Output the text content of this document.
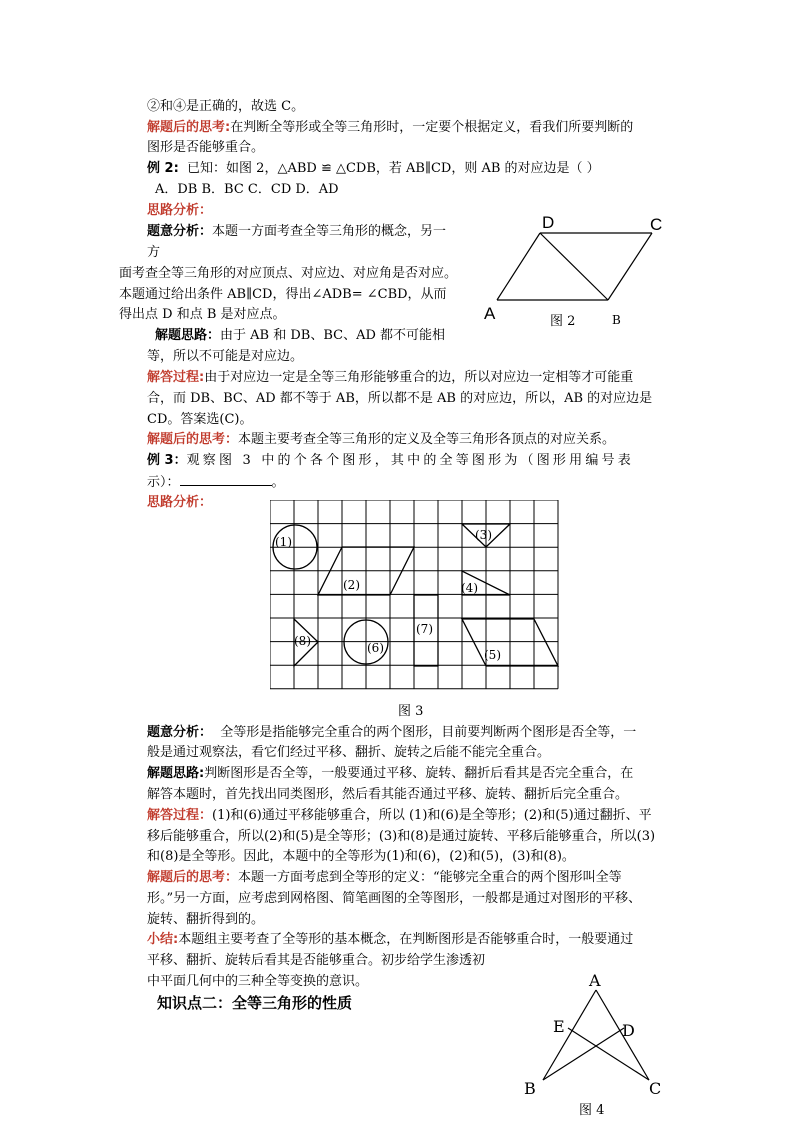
②和④是正确的，故选 C。
解题后的思考:在判断全等形或全等三角形时，一定要个根据定义，看我们所要判断的
图形是否能够重合。
例 2: 已知：如图 2，△ABD ≌ △CDB，若 AB∥CD，则 AB 的对应边是（ ）
A．DB B．BC C．CD D．AD
思路分析：
题意分析：本题一方面考查全等三角形的概念，另一
方
面考查全等三角形的对应顶点、对应边、对应角是否对应。
本题通过给出条件 AB∥CD，得出∠ADB= ∠CBD，从而
得出点 D 和点 B 是对应点。
解题思路：由于 AB 和 DB、BC、AD 都不可能相
等，所以不可能是对应边。
解答过程:由于对应边一定是全等三角形能够重合的边，所以对应边一定相等才可能重
合，而 DB、BC、AD 都不等于 AB，所以都不是 AB 的对应边，所以，AB 的对应边是
CD。答案选(C)。
解题后的思考：本题主要考查全等三角形的定义及全等三角形各顶点的对应关系。
例 3：观察图 3 中的个各个图形，其中的全等图形为（图形用编号表
示）：	。
思路分析：
D	C
A	B
图 2
(1)
(2)
(3)
(4)
(5)
(6)
(7)
(8)
图 3
题意分析： 全等形是指能够完全重合的两个图形，目前要判断两个图形是否全等，一
般是通过观察法，看它们经过平移、翻折、旋转之后能不能完全重合。
解题思路:判断图形是否全等，一般要通过平移、旋转、翻折后看其是否完全重合，在
解答本题时，首先找出同类图形，然后看其能否通过平移、旋转、翻折后完全重合。
解答过程：(1)和(6)通过平移能够重合，所以 (1)和(6)是全等形；(2)和(5)通过翻折、平
移后能够重合，所以(2)和(5)是全等形；(3)和(8)是通过旋转、平移后能够重合，所以(3)
和(8)是全等形。因此，本题中的全等形为(1)和(6)，(2)和(5)，(3)和(8)。
解题后的思考：本题一方面考虑到全等形的定义：“能够完全重合的两个图形叫全等
形。”另一方面，应考虑到网格图、简笔画图的全等图形，一般都是通过对图形的平移、
旋转、翻折得到的。
小结:本题组主要考查了全等形的基本概念，在判断图形是否能够重合时，一般要通过
平移、翻折、旋转后看其是否能够重合。初步给学生渗透初
中平面几何中的三种全等变换的意识。
知识点二：全等三角形的性质
A
E	D
B	C
图 4
